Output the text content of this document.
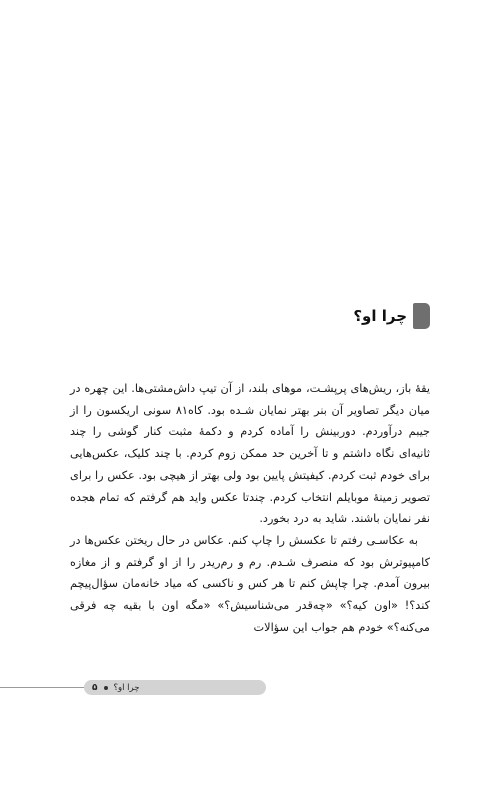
چرا او؟

یقهٔ باز، ریش‌های پرپشـت، موهای بلند، از آن تیپ داش‌مشتی‌ها. این چهره در میان دیگر تصاویر آن بنر بهتر نمایان شـده بود. کاه۸۱ سونی اریکسون را از جیبم درآوردم. دوربینش را آماده کردم و دکمهٔ مثبت کنار گوشی را چند ثانیه‌ای نگاه داشتم و تا آخرین حد ممکن زوم کردم. با چند کلیک، عکس‌هایی برای خودم ثبت کردم. کیفیتش پایین بود ولی بهتر از هیچی بود. عکس را برای تصویر زمینهٔ موبایلم انتخاب کردم. چندتا عکس واید هم گرفتم که تمام هجده نفر نمایان باشند. شاید به درد بخورد.

به عکاسـی رفتم تا عکسش را چاپ کنم. عکاس در حال ریختن عکس‌ها در کامپیوترش بود که منصرف شـدم. رم و رم‌ریدر را از او گرفتم و از مغازه بیرون آمدم. چرا چاپش کنم تا هر کس و ناکسی که میاد خانه‌مان سؤال‌پیچم کند؟! «اون کیه؟» «چه‌قدر می‌شناسیش؟» «مگه اون با بقیه چه فرقی می‌کنه؟» خودم هم جواب این سؤالات

۵ چرا او؟
